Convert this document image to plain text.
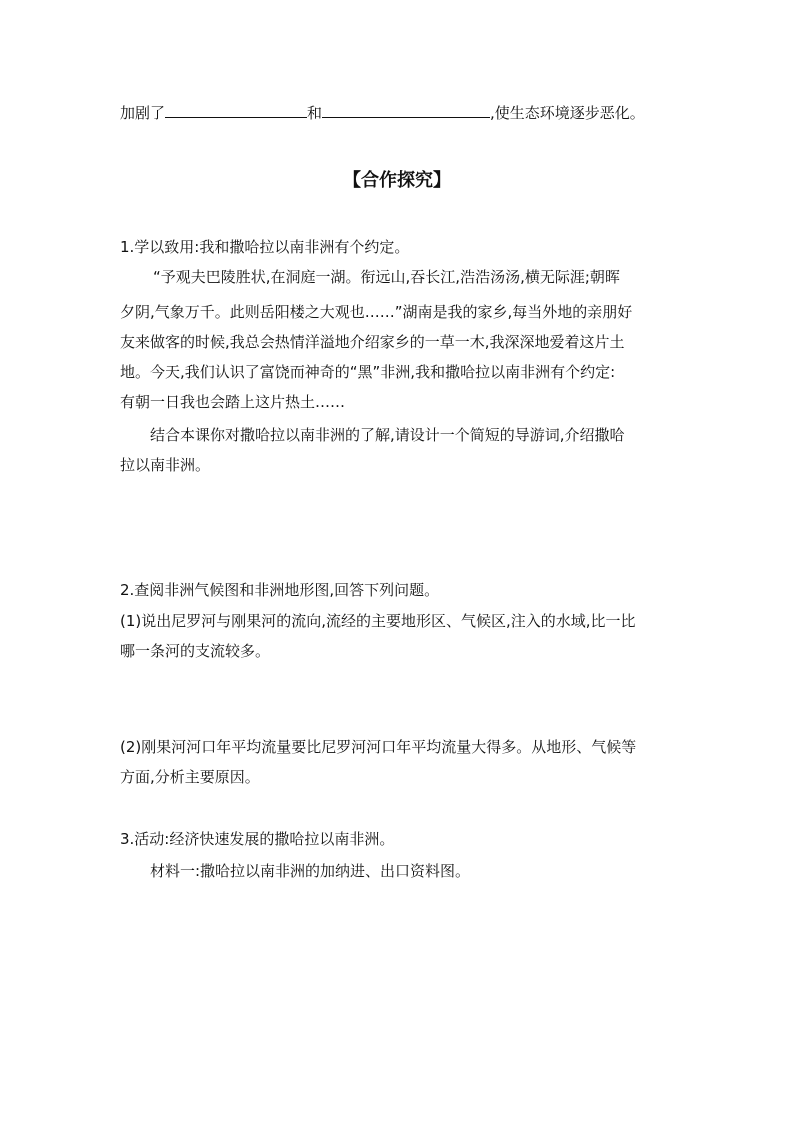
加剧了	和	,使生态环境逐步恶化。
【合作探究】
1.学以致用:我和撒哈拉以南非洲有个约定。
“予观夫巴陵胜状,在洞庭一湖。衔远山,吞长江,浩浩汤汤,横无际涯;朝晖
夕阴,气象万千。此则岳阳楼之大观也……”湖南是我的家乡,每当外地的亲朋好
友来做客的时候,我总会热情洋溢地介绍家乡的一草一木,我深深地爱着这片土
地。今天,我们认识了富饶而神奇的“黑”非洲,我和撒哈拉以南非洲有个约定:
有朝一日我也会踏上这片热土……
结合本课你对撒哈拉以南非洲的了解,请设计一个简短的导游词,介绍撒哈
拉以南非洲。
2.查阅非洲气候图和非洲地形图,回答下列问题。
(1)说出尼罗河与刚果河的流向,流经的主要地形区、气候区,注入的水域,比一比
哪一条河的支流较多。
(2)刚果河河口年平均流量要比尼罗河河口年平均流量大得多。从地形、气候等
方面,分析主要原因。
3.活动:经济快速发展的撒哈拉以南非洲。
材料一:撒哈拉以南非洲的加纳进、出口资料图。
